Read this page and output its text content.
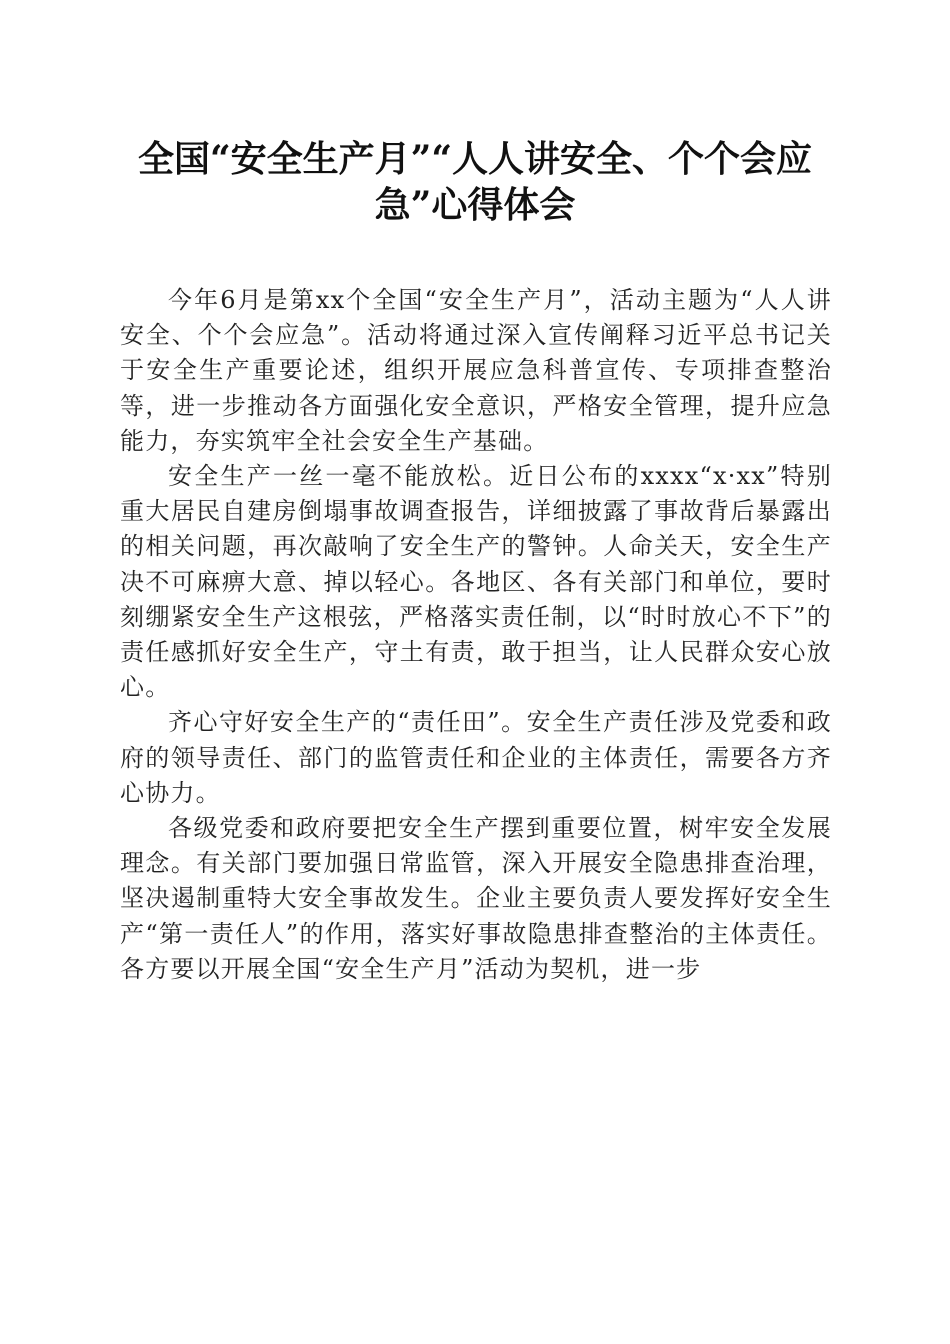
全国“安全生产月”“人人讲安全、个个会应急”心得体会

今年6月是第xx个全国“安全生产月”，活动主题为“人人讲安全、个个会应急”。活动将通过深入宣传阐释习近平总书记关于安全生产重要论述，组织开展应急科普宣传、专项排查整治等，进一步推动各方面强化安全意识，严格安全管理，提升应急能力，夯实筑牢全社会安全生产基础。

安全生产一丝一毫不能放松。近日公布的xxxx“x·xx”特别重大居民自建房倒塌事故调查报告，详细披露了事故背后暴露出的相关问题，再次敲响了安全生产的警钟。人命关天，安全生产决不可麻痹大意、掉以轻心。各地区、各有关部门和单位，要时刻绷紧安全生产这根弦，严格落实责任制，以“时时放心不下”的责任感抓好安全生产，守土有责，敢于担当，让人民群众安心放心。

齐心守好安全生产的“责任田”。安全生产责任涉及党委和政府的领导责任、部门的监管责任和企业的主体责任，需要各方齐心协力。

各级党委和政府要把安全生产摆到重要位置，树牢安全发展理念。有关部门要加强日常监管，深入开展安全隐患排查治理，坚决遏制重特大安全事故发生。企业主要负责人要发挥好安全生产“第一责任人”的作用，落实好事故隐患排查整治的主体责任。各方要以开展全国“安全生产月”活动为契机，进一步
